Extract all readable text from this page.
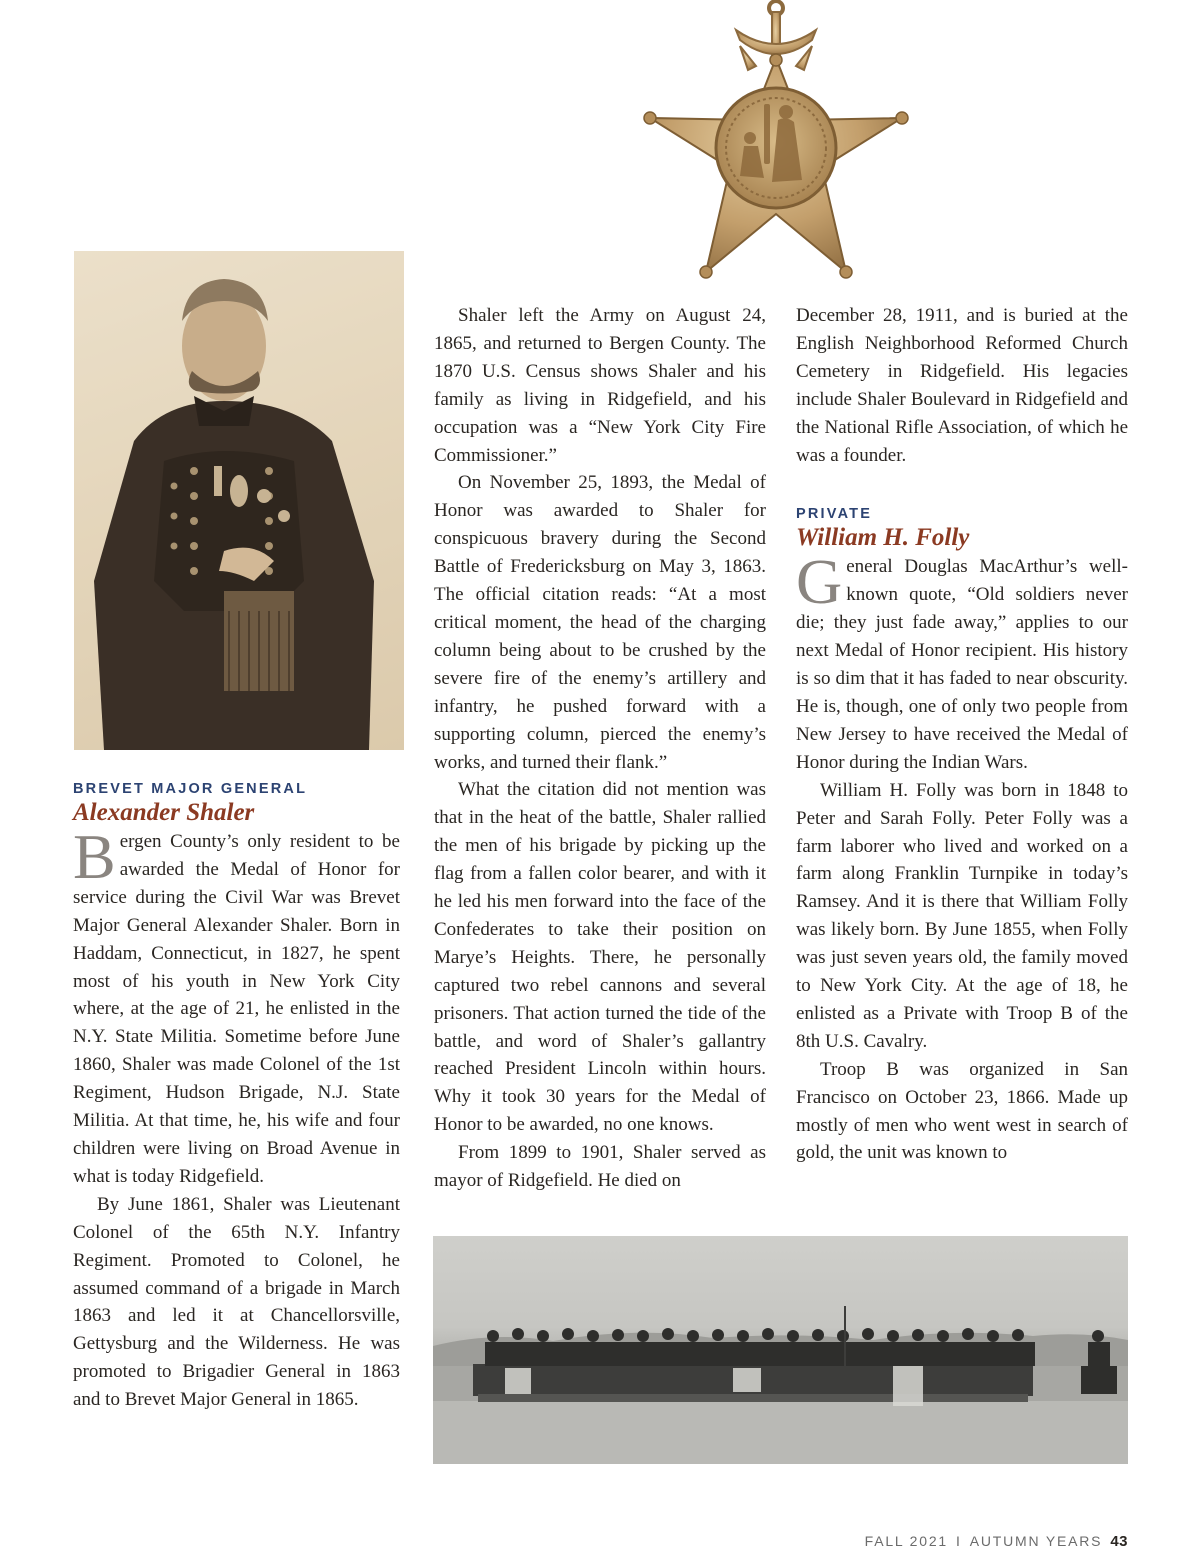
BREVET MAJOR GENERAL
Alexander Shaler

Bergen County’s only resident to be awarded the Medal of Honor for service during the Civil War was Brevet Major General Alexander Shaler. Born in Haddam, Connecticut, in 1827, he spent most of his youth in New York City where, at the age of 21, he enlisted in the N.Y. State Militia. Sometime before June 1860, Shaler was made Colonel of the 1st Regiment, Hudson Brigade, N.J. State Militia. At that time, he, his wife and four children were living on Broad Avenue in what is today Ridgefield.

By June 1861, Shaler was Lieutenant Colonel of the 65th N.Y. Infantry Regiment. Promoted to Colonel, he assumed command of a brigade in March 1863 and led it at Chancellorsville, Gettysburg and the Wilderness. He was promoted to Brigadier General in 1863 and to Brevet Major General in 1865.

Shaler left the Army on August 24, 1865, and returned to Bergen County. The 1870 U.S. Census shows Shaler and his family as living in Ridgefield, and his occupation was a “New York City Fire Commissioner.”

On November 25, 1893, the Medal of Honor was awarded to Shaler for conspicuous bravery during the Second Battle of Fredericksburg on May 3, 1863. The official citation reads: “At a most critical moment, the head of the charging column being about to be crushed by the severe fire of the enemy’s artillery and infantry, he pushed forward with a supporting column, pierced the enemy’s works, and turned their flank.”

What the citation did not mention was that in the heat of the battle, Shaler rallied the men of his brigade by picking up the flag from a fallen color bearer, and with it he led his men forward into the face of the Confederates to take their position on Marye’s Heights. There, he personally captured two rebel cannons and several prisoners. That action turned the tide of the battle, and word of Shaler’s gallantry reached President Lincoln within hours. Why it took 30 years for the Medal of Honor to be awarded, no one knows.

From 1899 to 1901, Shaler served as mayor of Ridgefield. He died on

December 28, 1911, and is buried at the English Neighborhood Reformed Church Cemetery in Ridgefield. His legacies include Shaler Boulevard in Ridgefield and the National Rifle Association, of which he was a founder.

PRIVATE
William H. Folly

General Douglas MacArthur’s well-known quote, “Old soldiers never die; they just fade away,” applies to our next Medal of Honor recipient. His history is so dim that it has faded to near obscurity. He is, though, one of only two people from New Jersey to have received the Medal of Honor during the Indian Wars.

William H. Folly was born in 1848 to Peter and Sarah Folly. Peter Folly was a farm laborer who lived and worked on a farm along Franklin Turnpike in today’s Ramsey. And it is there that William Folly was likely born. By June 1855, when Folly was just seven years old, the family moved to New York City. At the age of 18, he enlisted as a Private with Troop B of the 8th U.S. Cavalry.

Troop B was organized in San Francisco on October 23, 1866. Made up mostly of men who went west in search of gold, the unit was known to

FALL 2021 I AUTUMN YEARS 43
